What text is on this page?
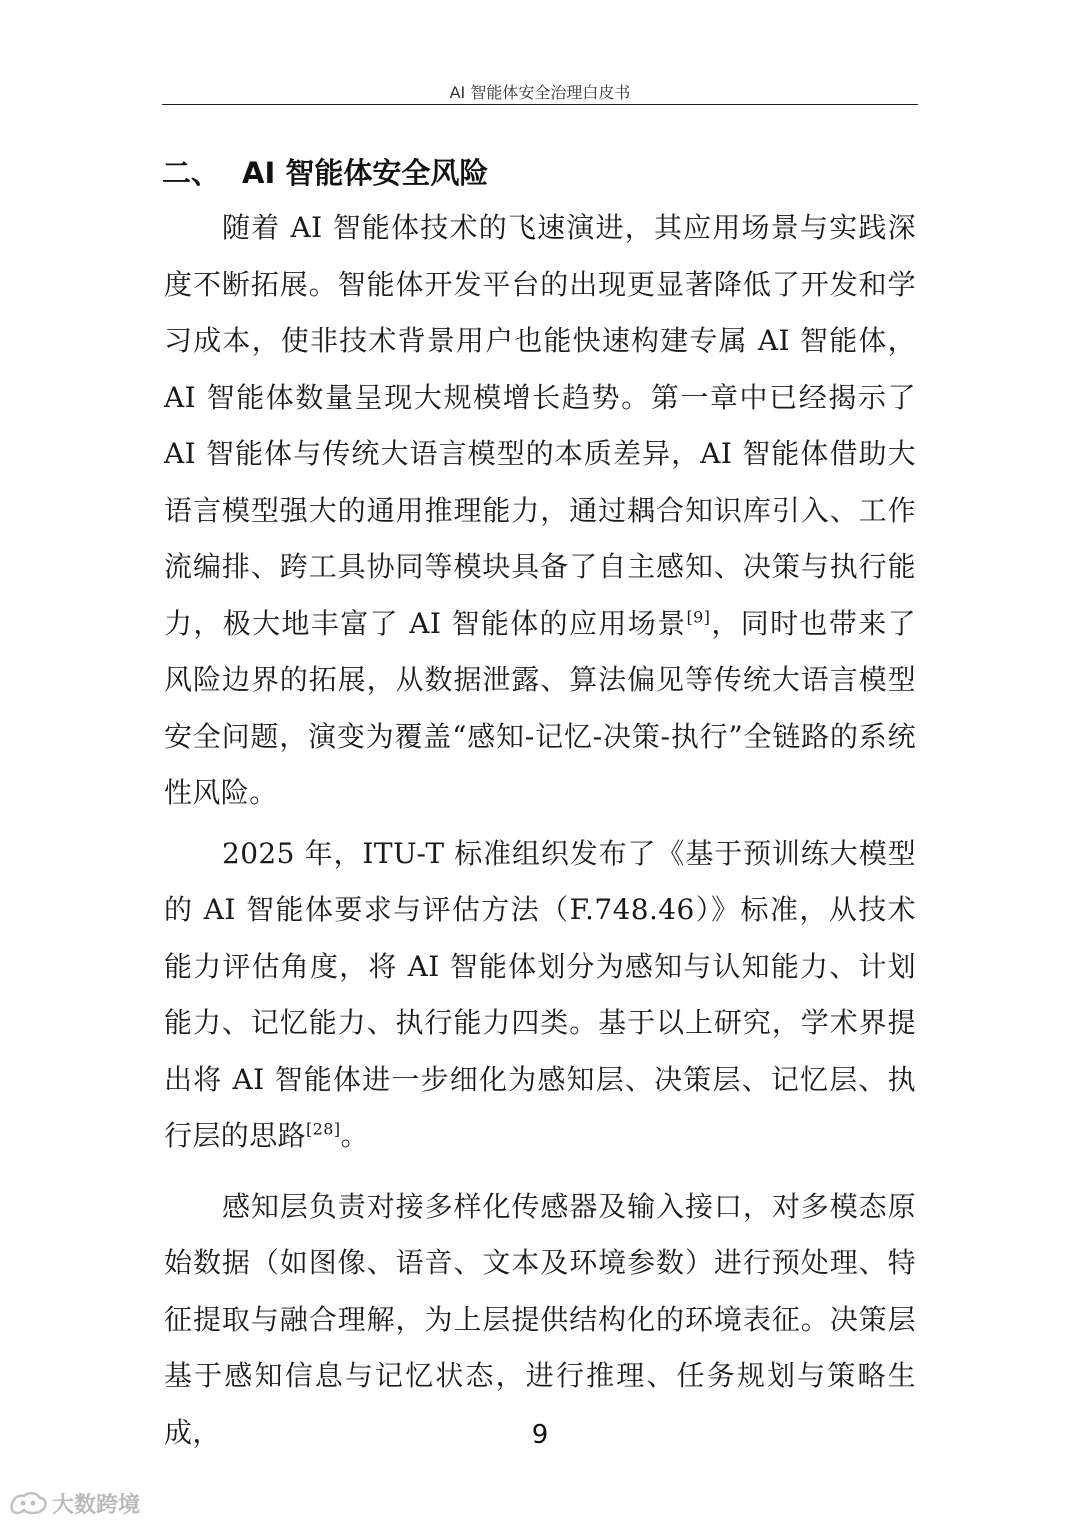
AI 智能体安全治理白皮书
二、 AI 智能体安全风险

随着 AI 智能体技术的飞速演进，其应用场景与实践深度不断拓展。智能体开发平台的出现更显著降低了开发和学习成本，使非技术背景用户也能快速构建专属 AI 智能体，AI 智能体数量呈现大规模增长趋势。第一章中已经揭示了 AI 智能体与传统大语言模型的本质差异，AI 智能体借助大语言模型强大的通用推理能力，通过耦合知识库引入、工作流编排、跨工具协同等模块具备了自主感知、决策与执行能力，极大地丰富了 AI 智能体的应用场景[9]，同时也带来了风险边界的拓展，从数据泄露、算法偏见等传统大语言模型安全问题，演变为覆盖“感知-记忆-决策-执行”全链路的系统性风险。

2025 年，ITU-T 标准组织发布了《基于预训练大模型的 AI 智能体要求与评估方法（F.748.46）》标准，从技术能力评估角度，将 AI 智能体划分为感知与认知能力、计划能力、记忆能力、执行能力四类。基于以上研究，学术界提出将 AI 智能体进一步细化为感知层、决策层、记忆层、执行层的思路[28]。

感知层负责对接多样化传感器及输入接口，对多模态原始数据（如图像、语音、文本及环境参数）进行预处理、特征提取与融合理解，为上层提供结构化的环境表征。决策层基于感知信息与记忆状态，进行推理、任务规划与策略生成，	9
大数跨境
